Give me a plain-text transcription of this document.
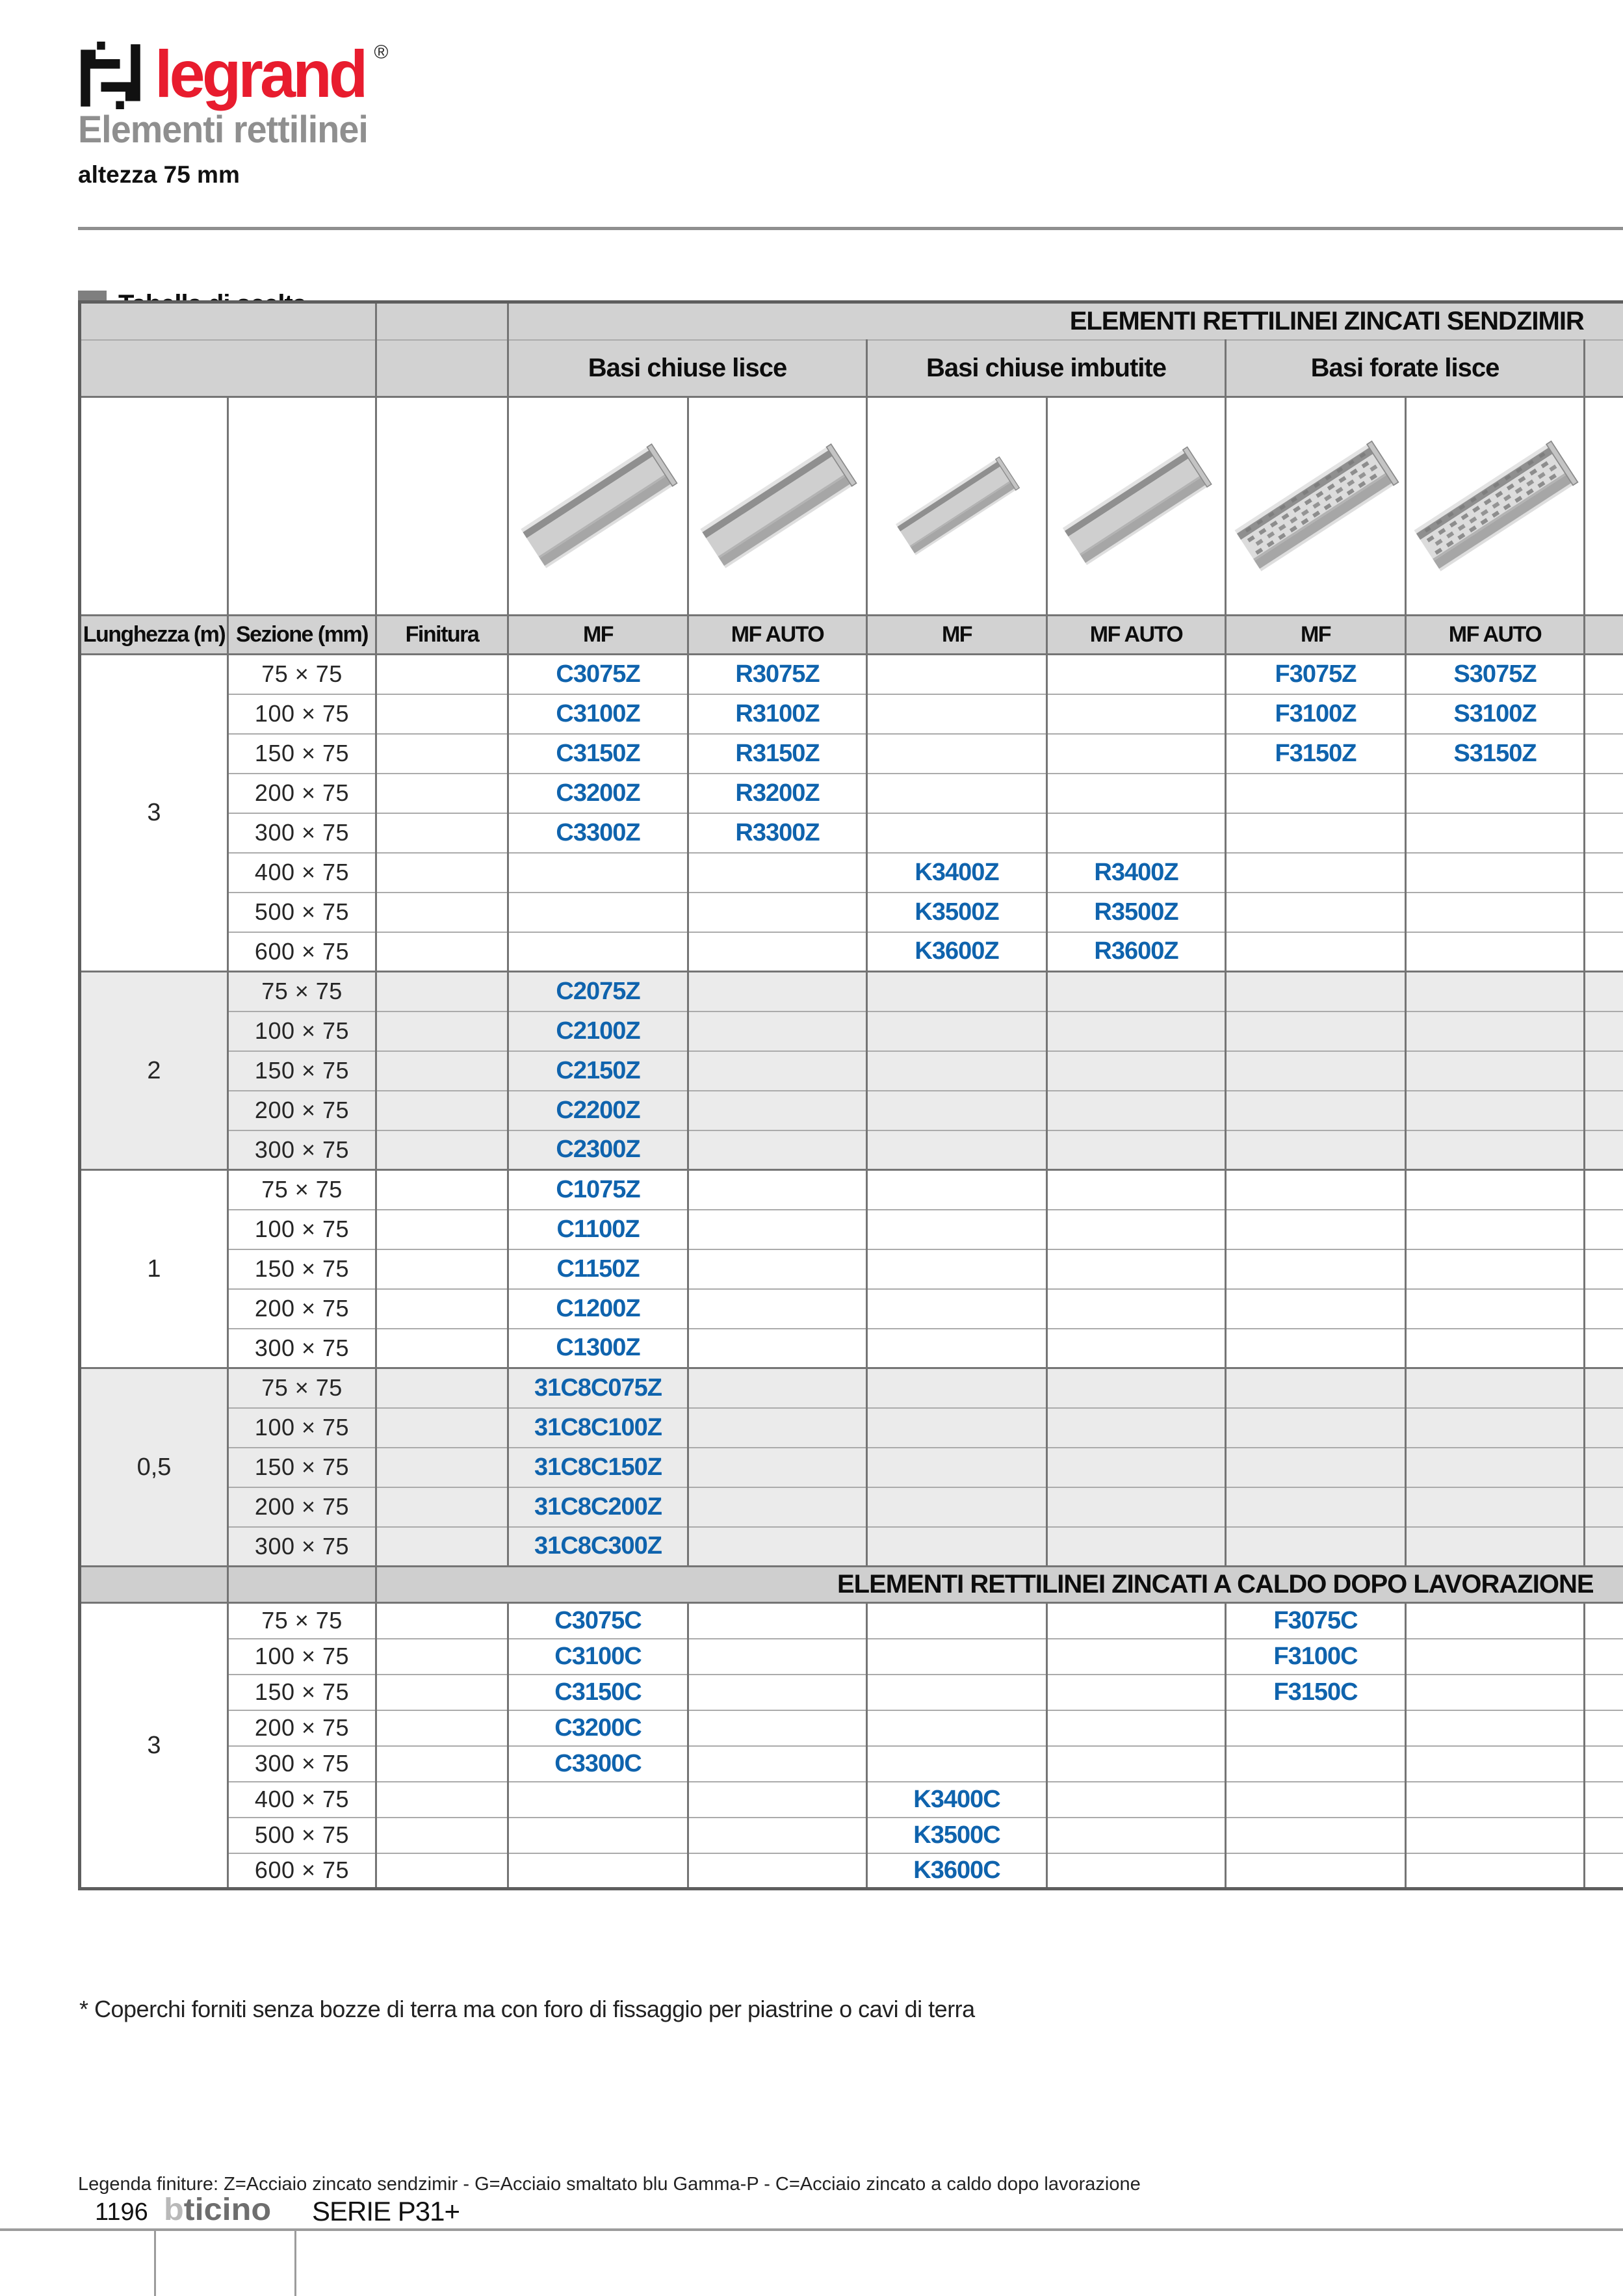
legrand ®
Elementi rettilinei
altezza 75 mm

			ELEMENTI RETTILINEI ZINCATI SENDZIMIR						

			Basi chiuse lisce		Basi chiuse imbutite		Basi forate lisce		

Lunghezza (m)	Sezione (mm)	Finitura	MF	MF AUTO	MF	MF AUTO	MF	MF AUTO	
3	75 × 75		C3075Z	R3075Z			F3075Z	S3075Z	
	100 × 75		C3100Z	R3100Z			F3100Z	S3100Z	
	150 × 75		C3150Z	R3150Z			F3150Z	S3150Z	
	200 × 75		C3200Z	R3200Z					
	300 × 75		C3300Z	R3300Z					
	400 × 75				K3400Z	R3400Z			
	500 × 75				K3500Z	R3500Z			
	600 × 75				K3600Z	R3600Z			
2	75 × 75		C2075Z						
	100 × 75		C2100Z						
	150 × 75		C2150Z						
	200 × 75		C2200Z						
	300 × 75		C2300Z						
1	75 × 75		C1075Z						
	100 × 75		C1100Z						
	150 × 75		C1150Z						
	200 × 75		C1200Z						
	300 × 75		C1300Z						
0,5	75 × 75		31C8C075Z						
	100 × 75		31C8C100Z						
	150 × 75		31C8C150Z						
	200 × 75		31C8C200Z						
	300 × 75		31C8C300Z						

		ELEMENTI RETTILINEI ZINCATI A CALDO DOPO LAVORAZIONE							

3	75 × 75		C3075C				F3075C		
	100 × 75		C3100C				F3100C		
	150 × 75		C3150C				F3150C		
	200 × 75		C3200C						
	300 × 75		C3300C						
	400 × 75				K3400C				
	500 × 75				K3500C				
	600 × 75				K3600C				
* Coperchi forniti senza bozze di terra ma con foro di fissaggio per piastrine o cavi di terra
Legenda finiture: Z=Acciaio zincato sendzimir - G=Acciaio smaltato blu Gamma-P - C=Acciaio zincato a caldo dopo lavorazione
1196 bticino SERIE P31+
